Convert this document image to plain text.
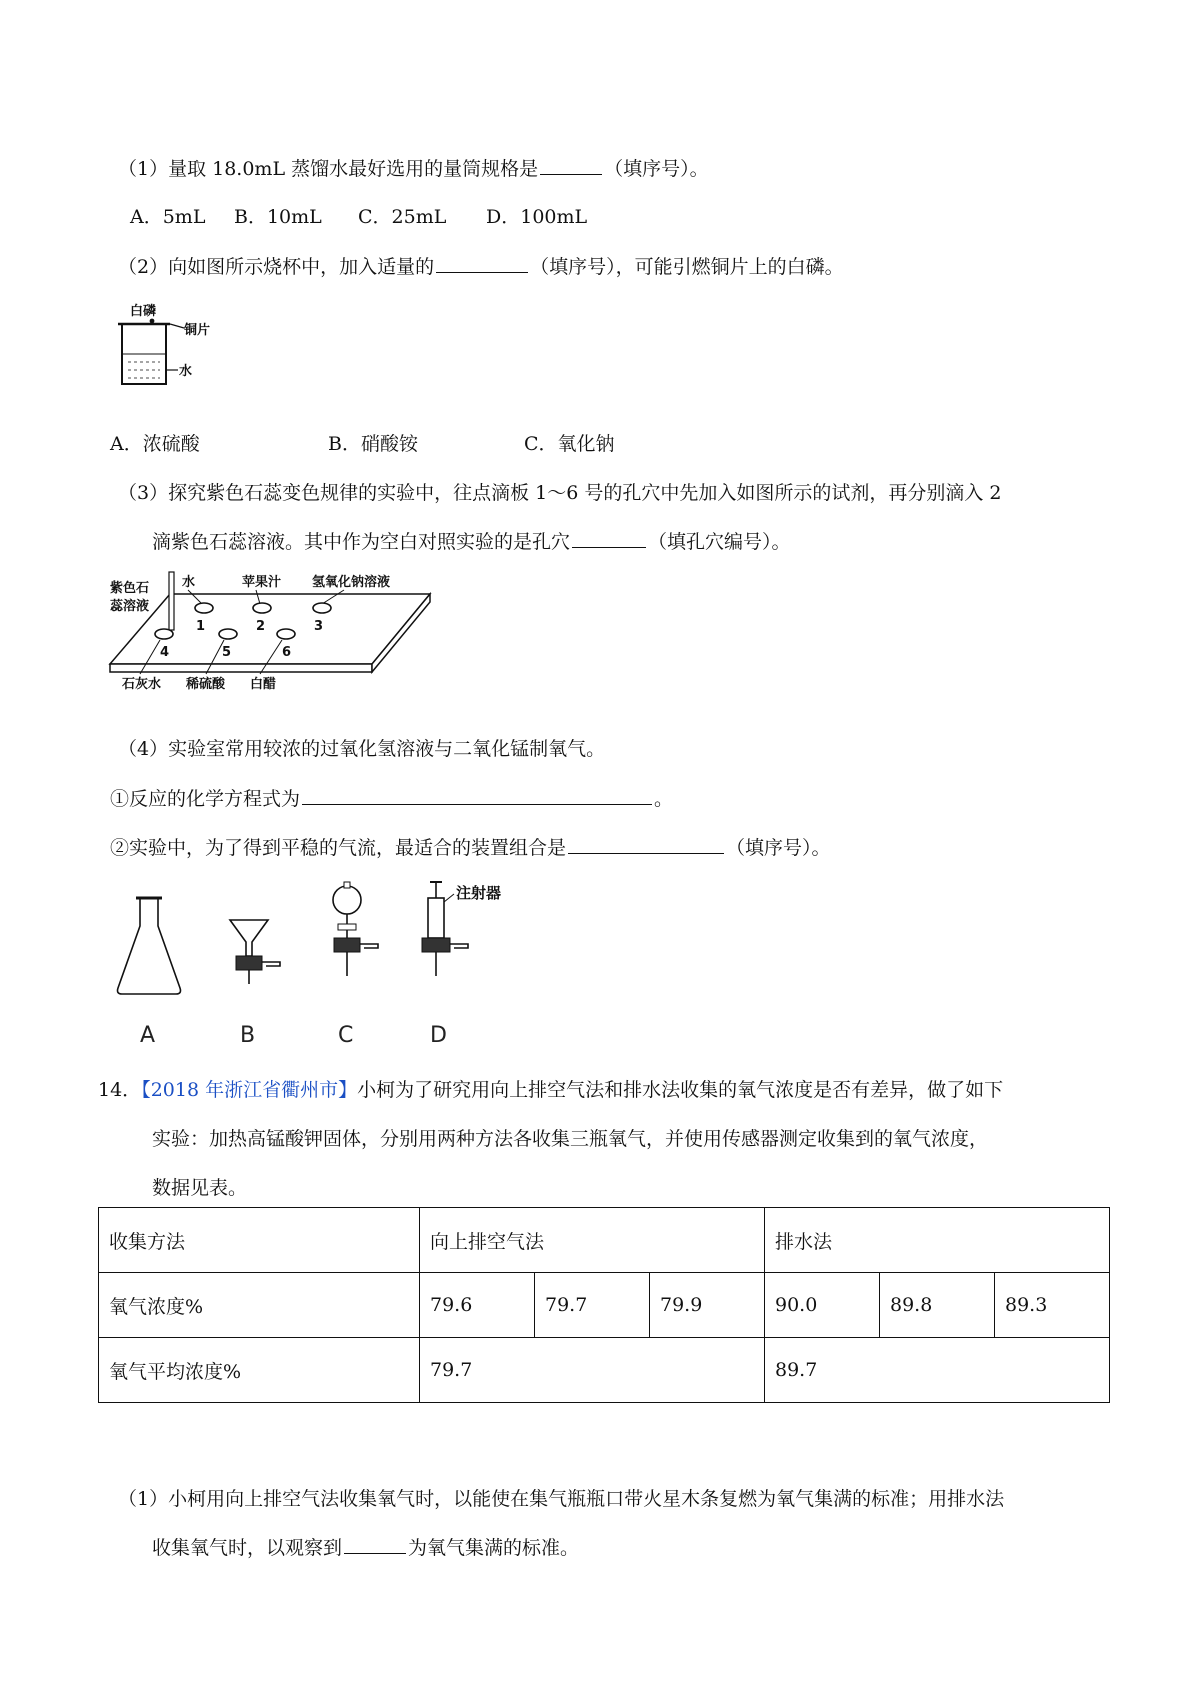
（1）量取 18.0mL 蒸馏水最好选用的量筒规格是	（填序号）。
A．5mL B．10mL C．25mL D．100mL
（2）向如图所示烧杯中，加入适量的	（填序号），可能引燃铜片上的白磷。
白磷
铜片
水
A．浓硫酸	B．硝酸铵	C．氧化钠
（3）探究紫色石蕊变色规律的实验中，往点滴板 1～6 号的孔穴中先加入如图所示的试剂，再分别滴入 2
滴紫色石蕊溶液。其中作为空白对照实验的是孔穴	（填孔穴编号）。
紫色石
蕊溶液
水	苹果汁 氢氧化钠溶液
1	2	3
4	5	6
石灰水 稀硫酸 白醋
（4）实验室常用较浓的过氧化氢溶液与二氧化锰制氧气。
①反应的化学方程式为	。
②实验中，为了得到平稳的气流，最适合的装置组合是	（填序号）。
A	B	C
注射器
D
14．【2018 年浙江省衢州市】小柯为了研究用向上排空气法和排水法收集的氧气浓度是否有差异，做了如下
实验：加热高锰酸钾固体，分别用两种方法各收集三瓶氧气，并使用传感器测定收集到的氧气浓度，
数据见表。
收集方法	向上排空气法			排水法		
氧气浓度%	79.6	79.7	79.9	90.0	89.8	89.3
氧气平均浓度%	79.7			89.7		
（1）小柯用向上排空气法收集氧气时，以能使在集气瓶瓶口带火星木条复燃为氧气集满的标准；用排水法
收集氧气时，以观察到	为氧气集满的标准。
